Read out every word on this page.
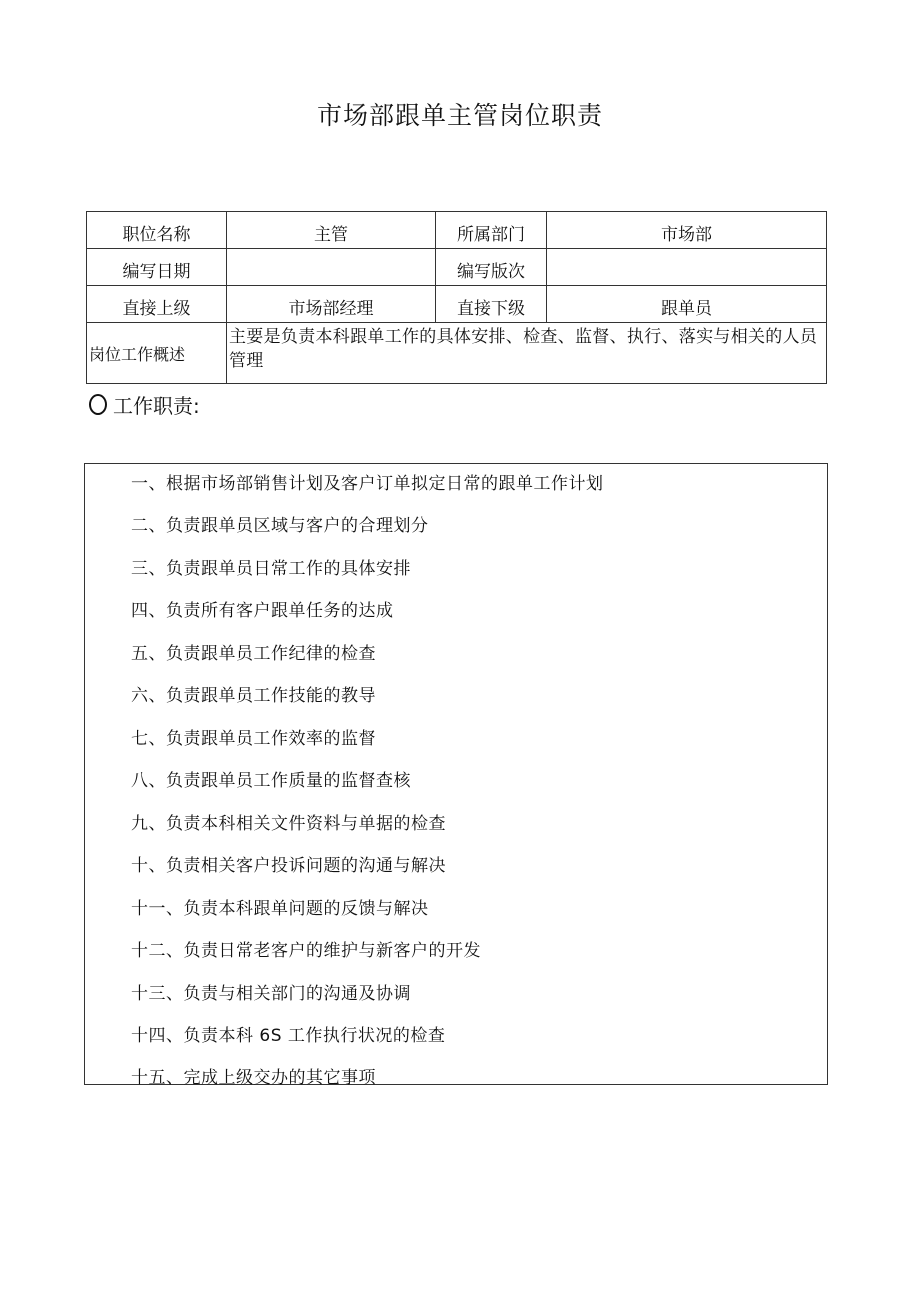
市场部跟单主管岗位职责
职位名称	主管	所属部门	市场部
编写日期		编写版次	
直接上级	市场部经理	直接下级	跟单员
岗位工作概述	主要是负责本科跟单工作的具体安排、检查、监督、执行、落实与相关的人员管理		
工作职责:
一、根据市场部销售计划及客户订单拟定日常的跟单工作计划
二、负责跟单员区域与客户的合理划分
三、负责跟单员日常工作的具体安排
四、负责所有客户跟单任务的达成
五、负责跟单员工作纪律的检查
六、负责跟单员工作技能的教导
七、负责跟单员工作效率的监督
八、负责跟单员工作质量的监督查核
九、负责本科相关文件资料与单据的检查
十、负责相关客户投诉问题的沟通与解决
十一、负责本科跟单问题的反馈与解决
十二、负责日常老客户的维护与新客户的开发
十三、负责与相关部门的沟通及协调
十四、负责本科 6S 工作执行状况的检查
十五、完成上级交办的其它事项
